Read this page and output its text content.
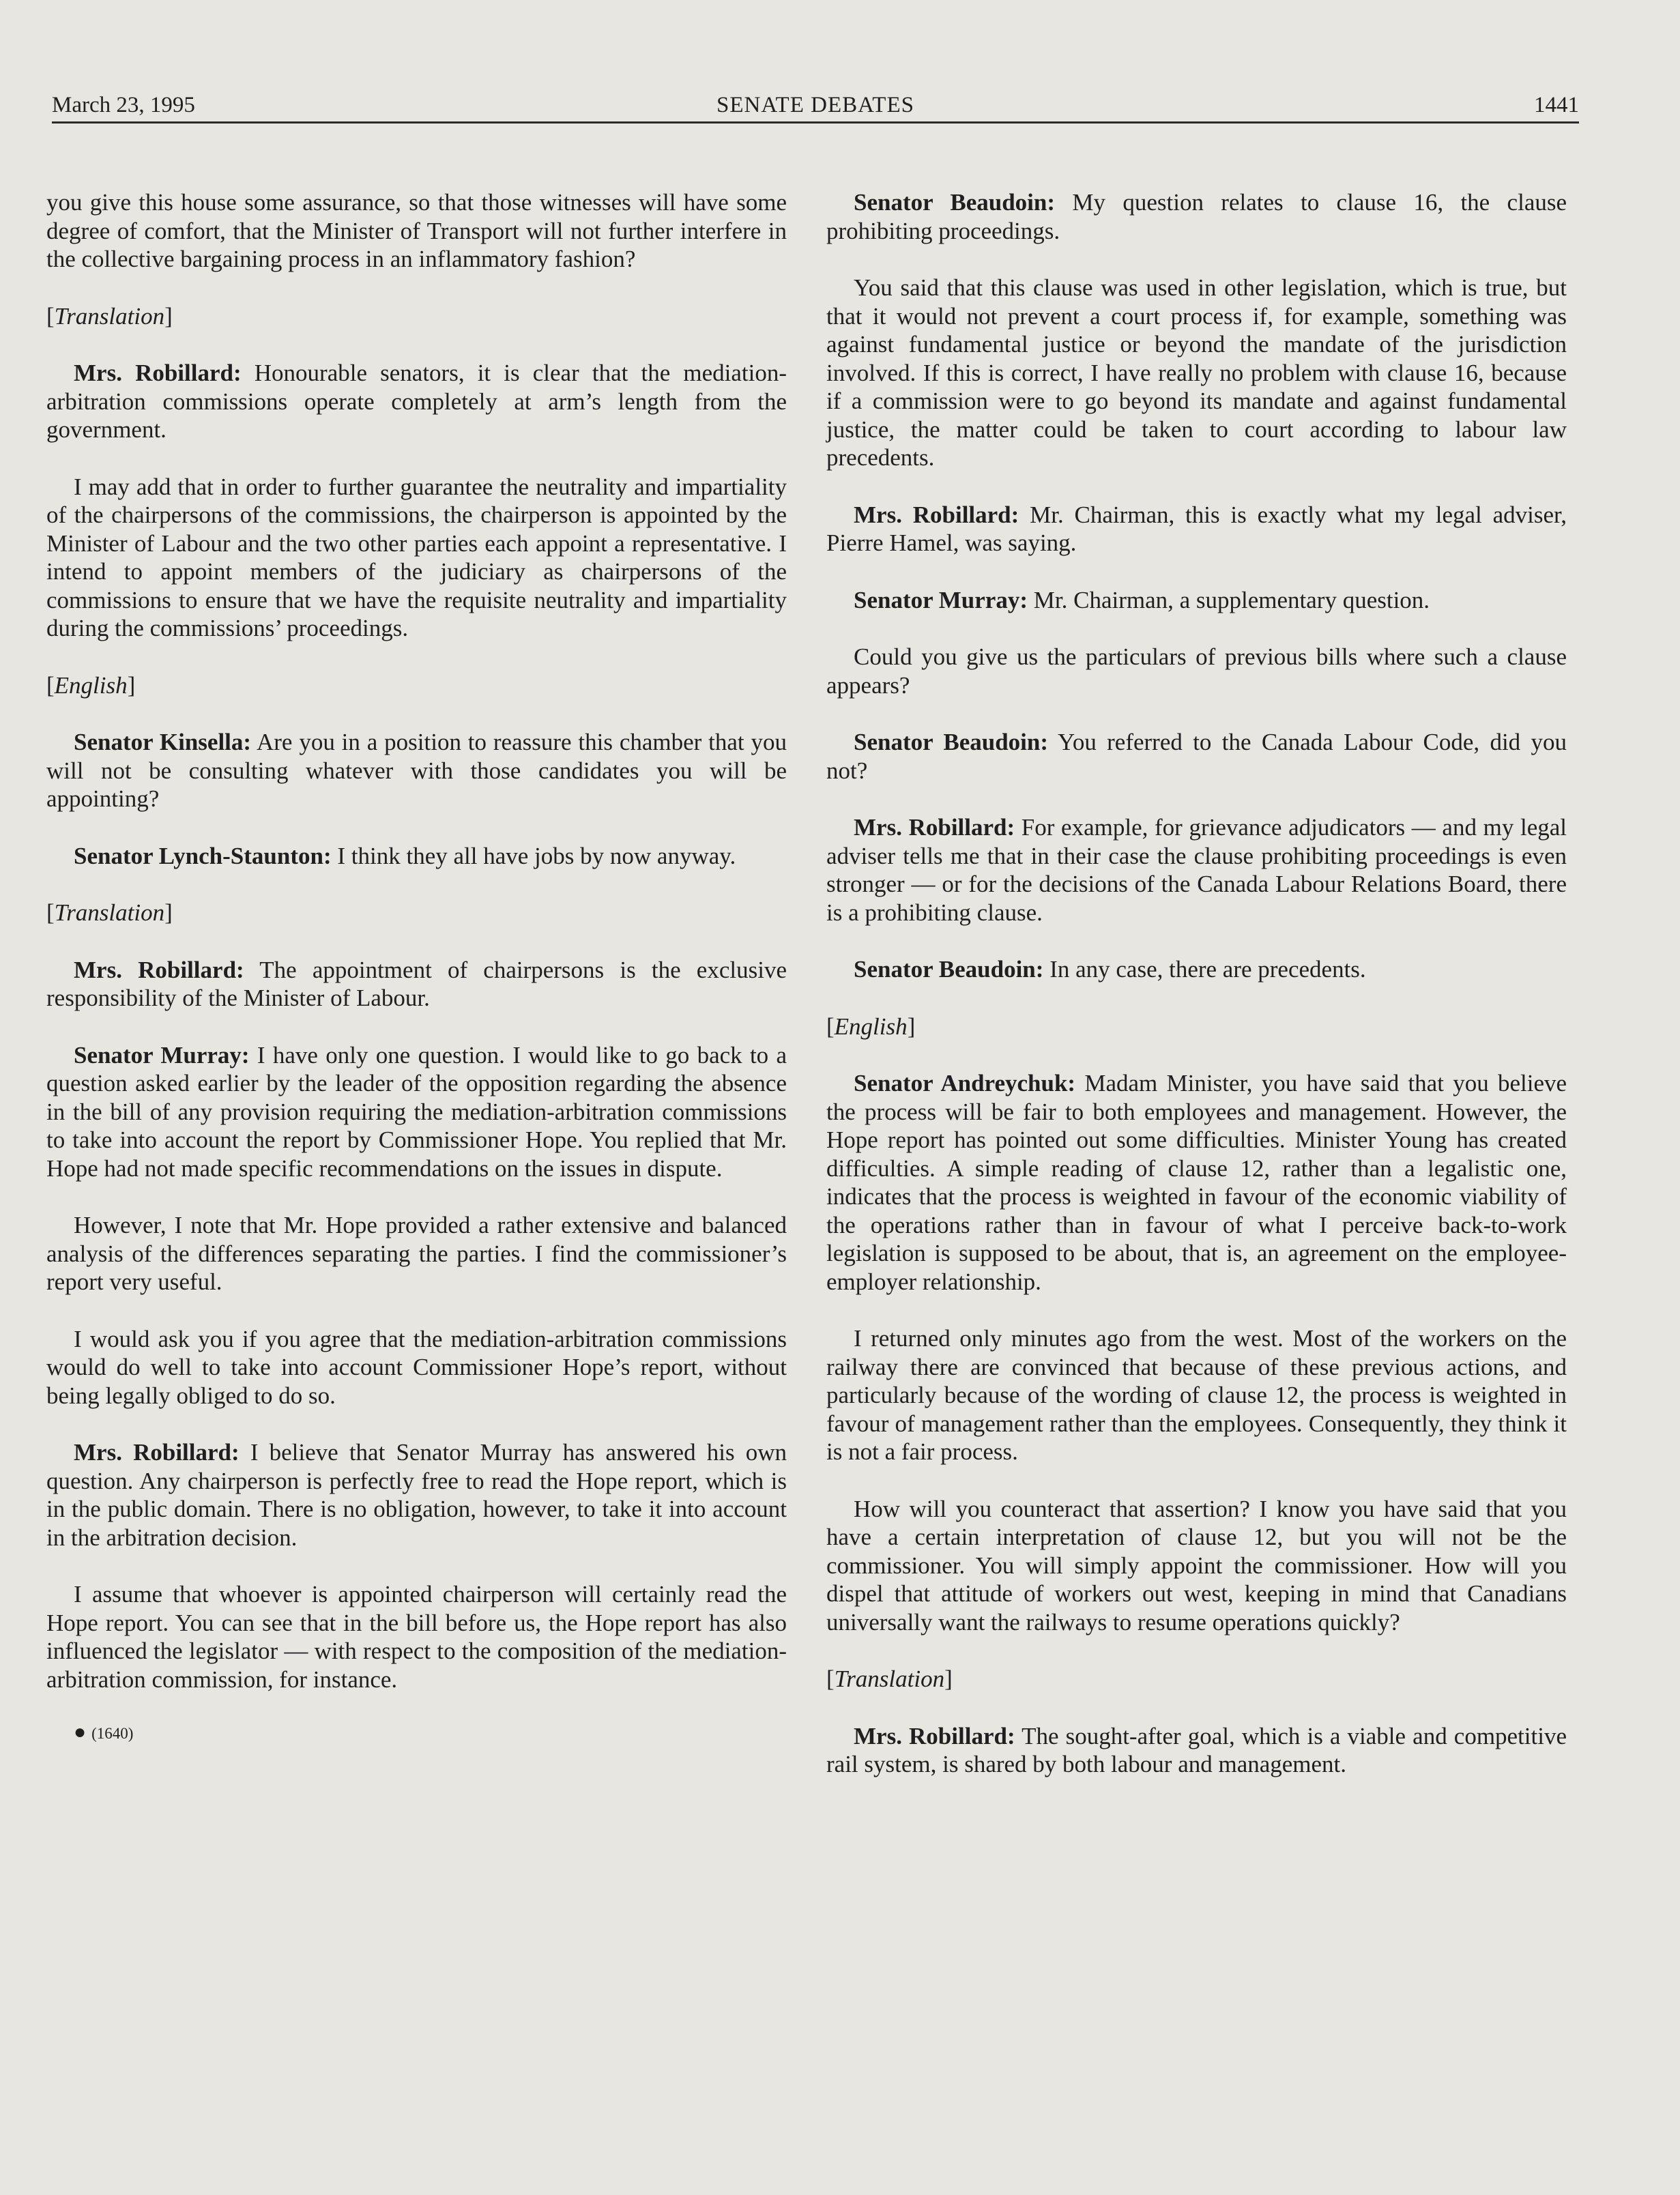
March 23, 1995	SENATE DEBATES	1441

you give this house some assurance, so that those witnesses will have some degree of comfort, that the Minister of Transport will not further interfere in the collective bargaining process in an inflammatory fashion?

[Translation]

Mrs. Robillard: Honourable senators, it is clear that the mediation-arbitration commissions operate completely at arm’s length from the government.

I may add that in order to further guarantee the neutrality and impartiality of the chairpersons of the commissions, the chairperson is appointed by the Minister of Labour and the two other parties each appoint a representative. I intend to appoint members of the judiciary as chairpersons of the commissions to ensure that we have the requisite neutrality and impartiality during the commissions’ proceedings.

[English]

Senator Kinsella: Are you in a position to reassure this chamber that you will not be consulting whatever with those candidates you will be appointing?

Senator Lynch-Staunton: I think they all have jobs by now anyway.

[Translation]

Mrs. Robillard: The appointment of chairpersons is the exclusive responsibility of the Minister of Labour.

Senator Murray: I have only one question. I would like to go back to a question asked earlier by the leader of the opposition regarding the absence in the bill of any provision requiring the mediation-arbitration commissions to take into account the report by Commissioner Hope. You replied that Mr. Hope had not made specific recommendations on the issues in dispute.

However, I note that Mr. Hope provided a rather extensive and balanced analysis of the differences separating the parties. I find the commissioner’s report very useful.

I would ask you if you agree that the mediation-arbitration commissions would do well to take into account Commissioner Hope’s report, without being legally obliged to do so.

Mrs. Robillard: I believe that Senator Murray has answered his own question. Any chairperson is perfectly free to read the Hope report, which is in the public domain. There is no obligation, however, to take it into account in the arbitration decision.

I assume that whoever is appointed chairperson will certainly read the Hope report. You can see that in the bill before us, the Hope report has also influenced the legislator — with respect to the composition of the mediation-arbitration commission, for instance.

● (1640)

Senator Beaudoin: My question relates to clause 16, the clause prohibiting proceedings.

You said that this clause was used in other legislation, which is true, but that it would not prevent a court process if, for example, something was against fundamental justice or beyond the mandate of the jurisdiction involved. If this is correct, I have really no problem with clause 16, because if a commission were to go beyond its mandate and against fundamental justice, the matter could be taken to court according to labour law precedents.

Mrs. Robillard: Mr. Chairman, this is exactly what my legal adviser, Pierre Hamel, was saying.

Senator Murray: Mr. Chairman, a supplementary question.

Could you give us the particulars of previous bills where such a clause appears?

Senator Beaudoin: You referred to the Canada Labour Code, did you not?

Mrs. Robillard: For example, for grievance adjudicators — and my legal adviser tells me that in their case the clause prohibiting proceedings is even stronger — or for the decisions of the Canada Labour Relations Board, there is a prohibiting clause.

Senator Beaudoin: In any case, there are precedents.

[English]

Senator Andreychuk: Madam Minister, you have said that you believe the process will be fair to both employees and management. However, the Hope report has pointed out some difficulties. Minister Young has created difficulties. A simple reading of clause 12, rather than a legalistic one, indicates that the process is weighted in favour of the economic viability of the operations rather than in favour of what I perceive back-to-work legislation is supposed to be about, that is, an agreement on the employee-employer relationship.

I returned only minutes ago from the west. Most of the workers on the railway there are convinced that because of these previous actions, and particularly because of the wording of clause 12, the process is weighted in favour of management rather than the employees. Consequently, they think it is not a fair process.

How will you counteract that assertion? I know you have said that you have a certain interpretation of clause 12, but you will not be the commissioner. You will simply appoint the commissioner. How will you dispel that attitude of workers out west, keeping in mind that Canadians universally want the railways to resume operations quickly?

[Translation]

Mrs. Robillard: The sought-after goal, which is a viable and competitive rail system, is shared by both labour and management.
